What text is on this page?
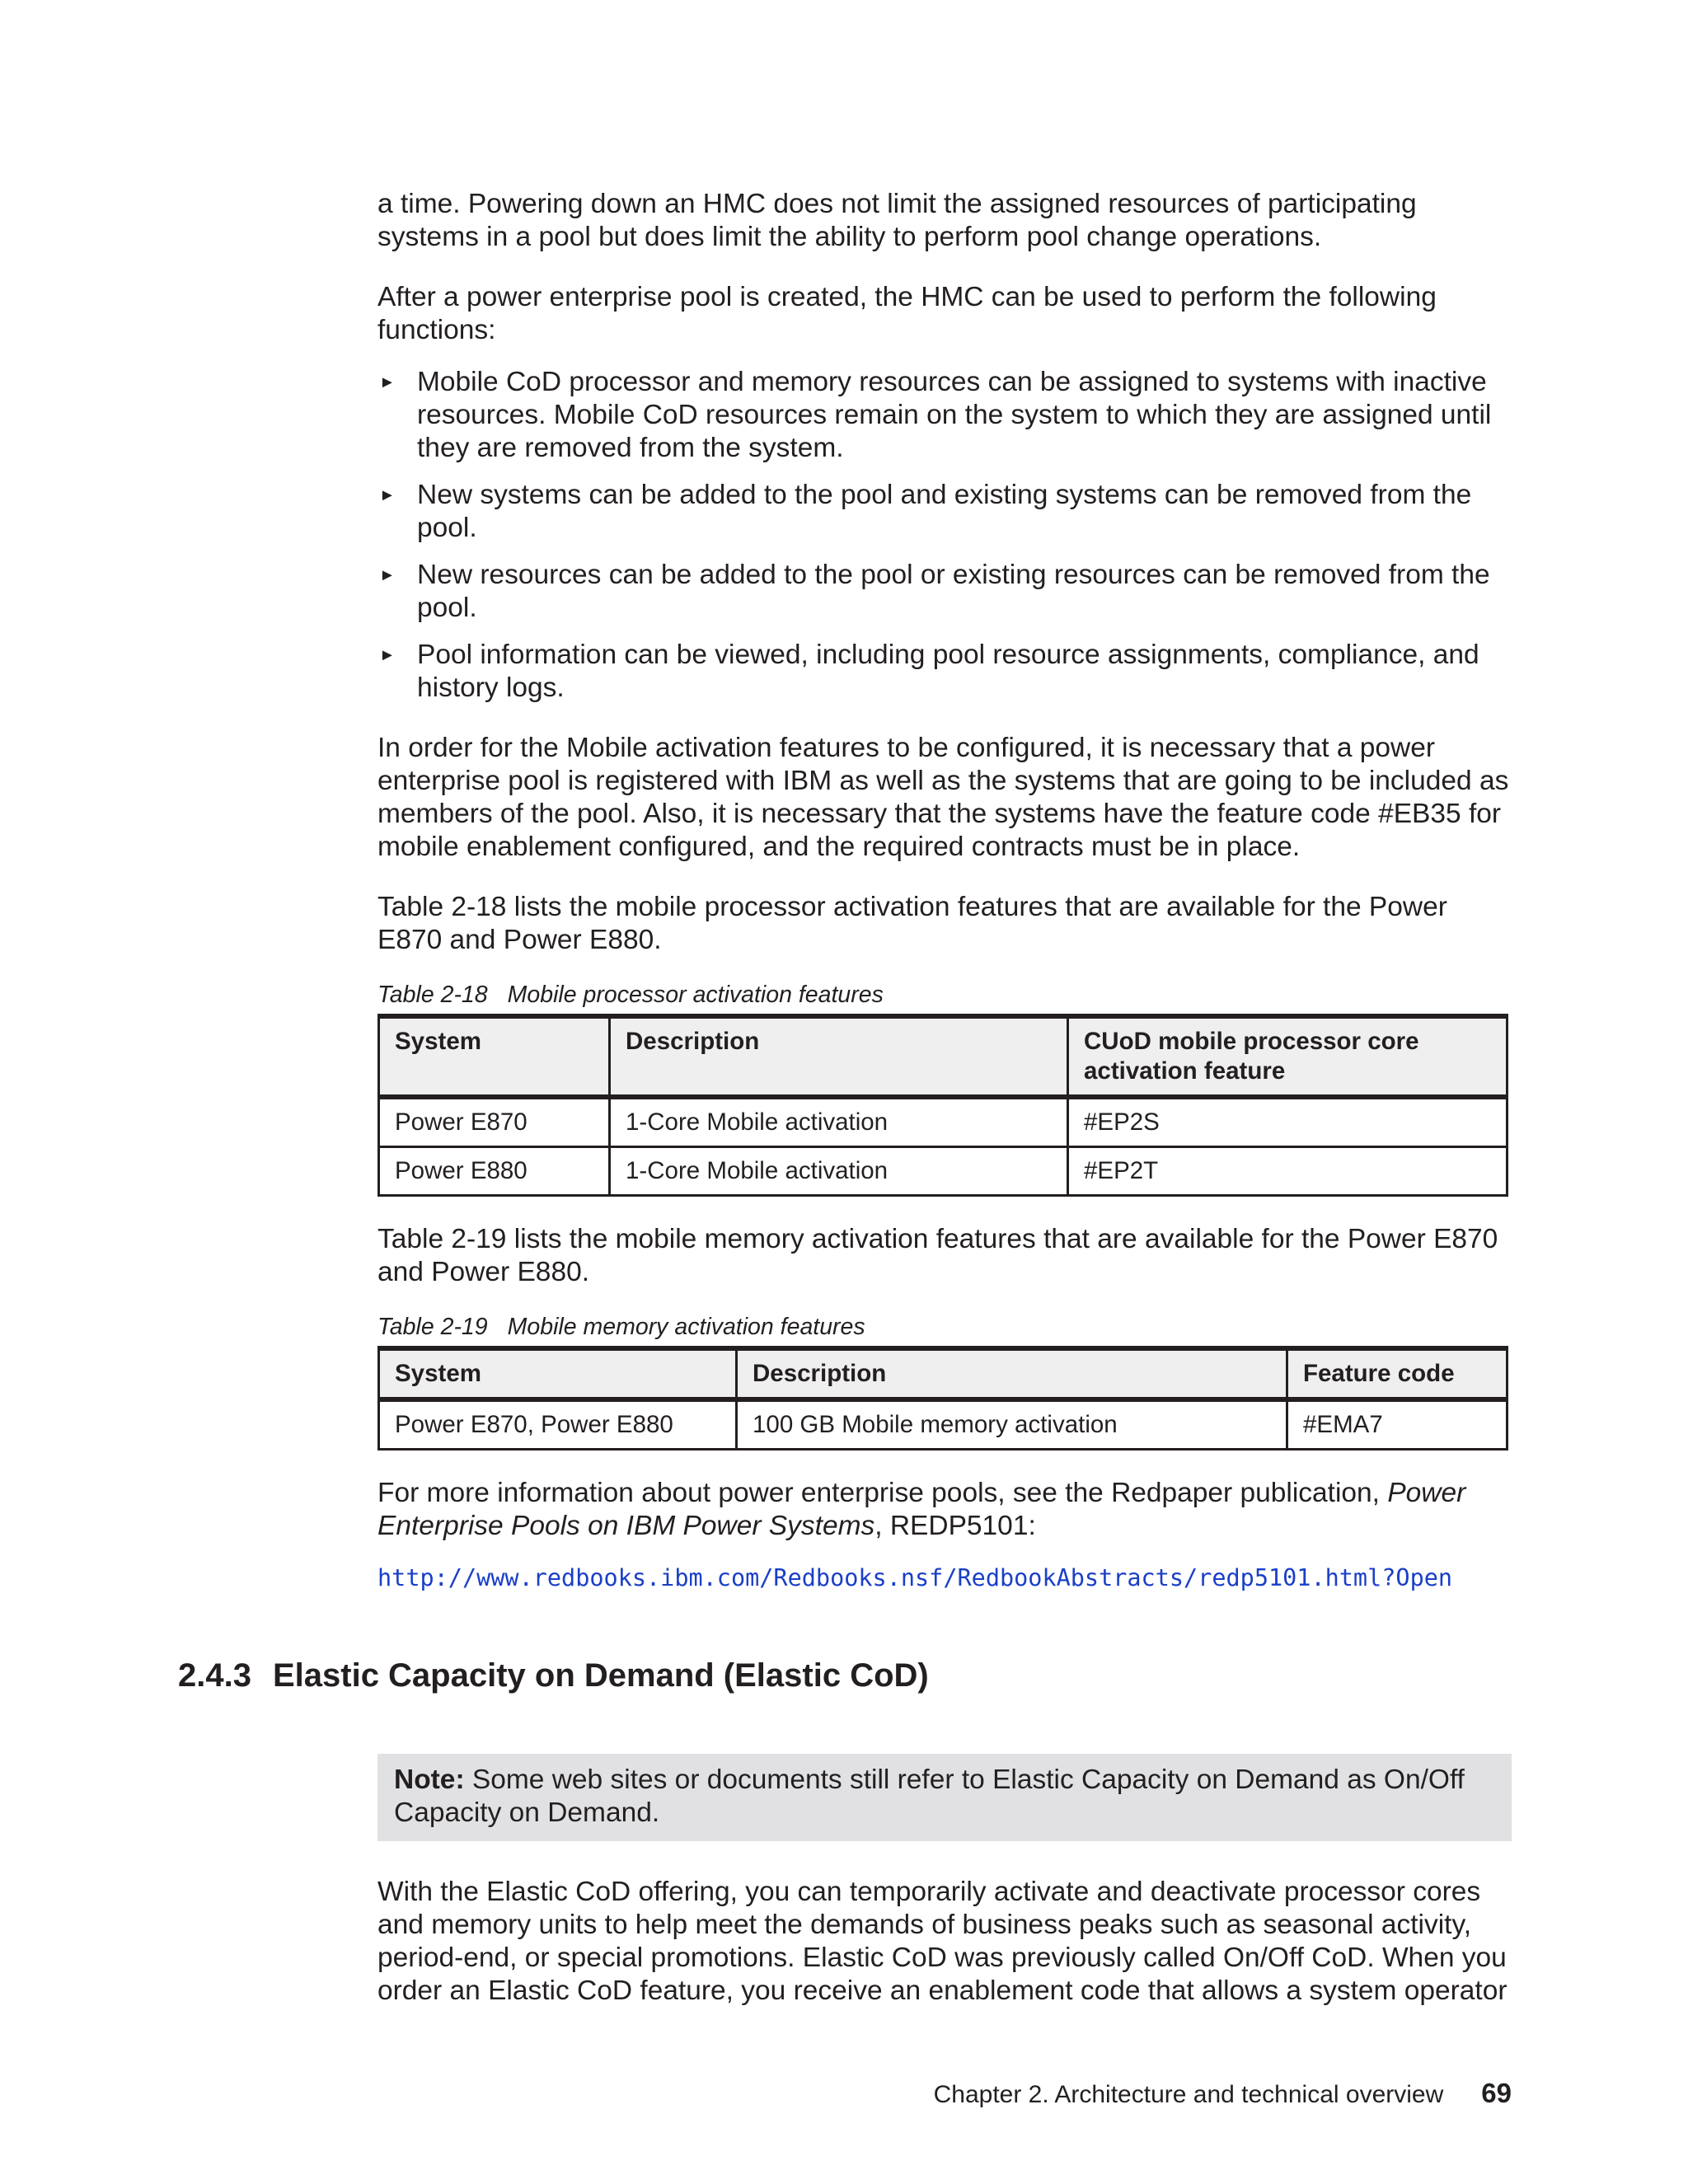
a time. Powering down an HMC does not limit the assigned resources of participating systems in a pool but does limit the ability to perform pool change operations.

After a power enterprise pool is created, the HMC can be used to perform the following functions:

► Mobile CoD processor and memory resources can be assigned to systems with inactive resources. Mobile CoD resources remain on the system to which they are assigned until they are removed from the system.
► New systems can be added to the pool and existing systems can be removed from the pool.
► New resources can be added to the pool or existing resources can be removed from the pool.
► Pool information can be viewed, including pool resource assignments, compliance, and history logs.

In order for the Mobile activation features to be configured, it is necessary that a power enterprise pool is registered with IBM as well as the systems that are going to be included as members of the pool. Also, it is necessary that the systems have the feature code #EB35 for mobile enablement configured, and the required contracts must be in place.

Table 2-18 lists the mobile processor activation features that are available for the Power E870 and Power E880.

Table 2-18 Mobile processor activation features
System	Description	CUoD mobile processor core activation feature
Power E870	1-Core Mobile activation	#EP2S
Power E880	1-Core Mobile activation	#EP2T

Table 2-19 lists the mobile memory activation features that are available for the Power E870 and Power E880.

Table 2-19 Mobile memory activation features
System	Description	Feature code
Power E870, Power E880	100 GB Mobile memory activation	#EMA7

For more information about power enterprise pools, see the Redpaper publication, Power Enterprise Pools on IBM Power Systems, REDP5101:

http://www.redbooks.ibm.com/Redbooks.nsf/RedbookAbstracts/redp5101.html?Open
2.4.3 Elastic Capacity on Demand (Elastic CoD)
Note: Some web sites or documents still refer to Elastic Capacity on Demand as On/Off Capacity on Demand.

With the Elastic CoD offering, you can temporarily activate and deactivate processor cores and memory units to help meet the demands of business peaks such as seasonal activity, period-end, or special promotions. Elastic CoD was previously called On/Off CoD. When you order an Elastic CoD feature, you receive an enablement code that allows a system operator

Chapter 2. Architecture and technical overview 69
